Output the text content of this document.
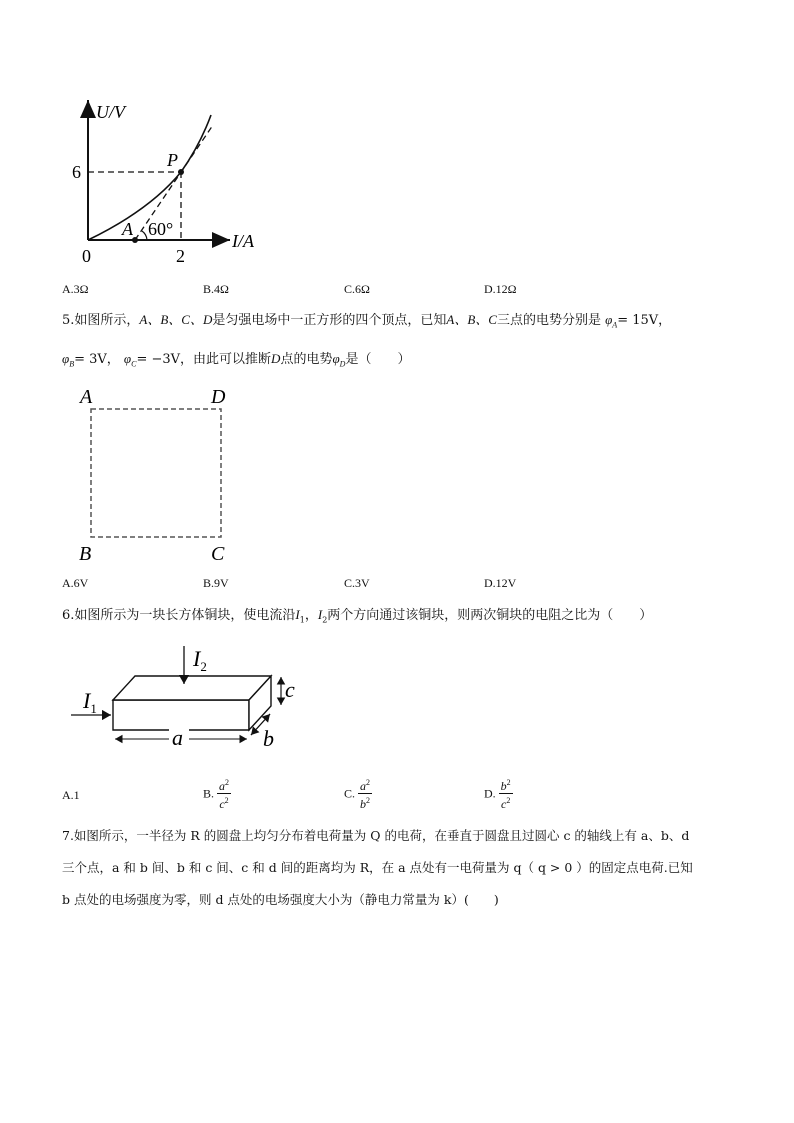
U/V
I/A
0
6
2
P
A 60°
A.3Ω	B.4Ω	C.6Ω	D.12Ω
5.如图所示，A、B、C、D是匀强电场中一正方形的四个顶点，已知A、B、C三点的电势分别是 $\varphi_A= 15V$，
$\varphi_B= 3V$， $\varphi_C= -3V$，由此可以推断D点的电势$\varphi_D$是（　　）
A	D
B	C
A.6V	B.9V	C.3V	D.12V
6.如图所示为一块长方体铜块，使电流沿$I_1$，$I_2$两个方向通过该铜块，则两次铜块的电阻之比为（　　）
$I_1$
$I_2$
a
c
b
A.1	B. $\frac{a^2}{c^2}$	C. $\frac{a^2}{b^2}$	D. $\frac{b^2}{c^2}$
7.如图所示，一半径为 R 的圆盘上均匀分布着电荷量为 Q 的电荷，在垂直于圆盘且过圆心 c 的轴线上有 a、b、d
三个点，a 和 b 间、b 和 c 间、c 和 d 间的距离均为 R，在 a 点处有一电荷量为 q（ q > 0 ）的固定点电荷.已知
b 点处的电场强度为零，则 d 点处的电场强度大小为（静电力常量为 k）(　　)
